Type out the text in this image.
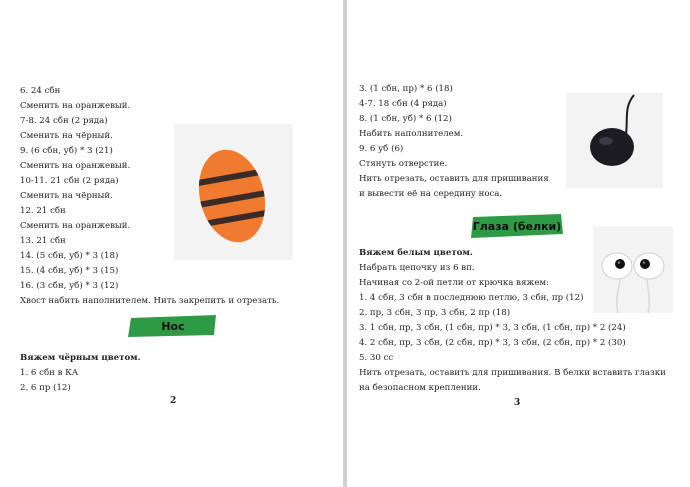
6. 24 сбн
Сменить на оранжевый.
7-8. 24 сбн (2 ряда)
Сменить на чёрный.
9. (6 сбн, уб) * 3 (21)
Сменить на оранжевый.
10-11. 21 сбн (2 ряда)
Сменить на чёрный.
12. 21 сбн
Сменить на оранжевый.
13. 21 сбн
14. (5 сбн, уб) * 3 (18)
15. (4 сбн, уб) * 3 (15)
16. (3 сбн, уб) * 3 (12)
Хвост набить наполнителем. Нить закрепить и отрезать.
Нос
Вяжем чёрным цветом.
1. 6 сбн в КА
2. 6 пр (12)
2
3. (1 сбн, пр) * 6 (18)
4-7. 18 сбн (4 ряда)
8. (1 сбн, уб) * 6 (12)
Набить наполнителем.
9. 6 уб (6)
Стянуть отверстие.
Нить отрезать, оставить для пришивания
и вывести её на середину носа.
Глаза (белки)
Вяжем белым цветом.
Набрать цепочку из 6 вп.
Начиная со 2-ой петли от крючка вяжем:
1. 4 сбн, 3 сбн в последнюю петлю, 3 сбн, пр (12)
2. пр, 3 сбн, 3 пр, 3 сбн, 2 пр (18)
3. 1 сбн, пр, 3 сбн, (1 сбн, пр) * 3, 3 сбн, (1 сбн, пр) * 2 (24)
4. 2 сбн, пр, 3 сбн, (2 сбн, пр) * 3, 3 сбн, (2 сбн, пр) * 2 (30)
5. 30 сс
Нить отрезать, оставить для пришивания. В белки вставить глазки
на безопасном креплении.
3
